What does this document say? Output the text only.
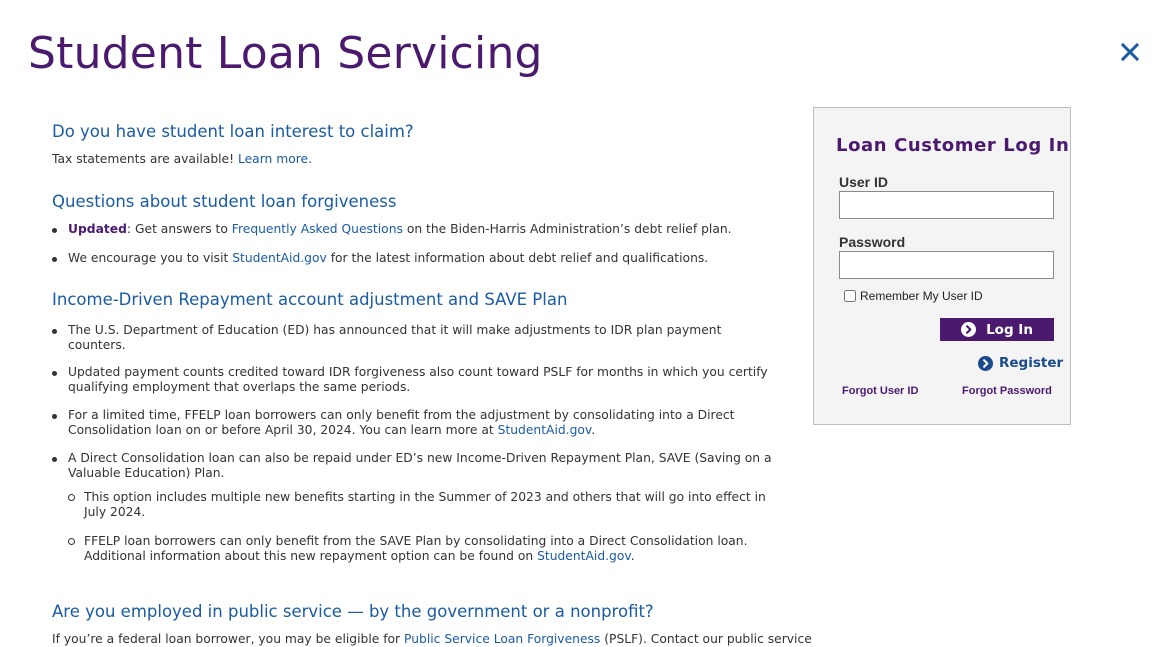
Student Loan Servicing
Do you have student loan interest to claim?

Tax statements are available! Learn more.

Questions about student loan forgiveness
Updated: Get answers to Frequently Asked Questions on the Biden-Harris Administration’s debt relief plan.
We encourage you to visit StudentAid.gov for the latest information about debt relief and qualifications.
Income-Driven Repayment account adjustment and SAVE Plan
The U.S. Department of Education (ED) has announced that it will make adjustments to IDR plan payment counters.
Updated payment counts credited toward IDR forgiveness also count toward PSLF for months in which you certify qualifying employment that overlaps the same periods.
For a limited time, FFELP loan borrowers can only benefit from the adjustment by consolidating into a Direct Consolidation loan on or before April 30, 2024. You can learn more at StudentAid.gov.
A Direct Consolidation loan can also be repaid under ED’s new Income-Driven Repayment Plan, SAVE (Saving on a Valuable Education) Plan.
This option includes multiple new benefits starting in the Summer of 2023 and others that will go into effect in July 2024.
FFELP loan borrowers can only benefit from the SAVE Plan by consolidating into a Direct Consolidation loan. Additional information about this new repayment option can be found on StudentAid.gov.
Are you employed in public service — by the government or a nonprofit?

If you’re a federal loan borrower, you may be eligible for Public Service Loan Forgiveness (PSLF). Contact our public service

Loan Customer Log In
User ID
Password
Remember My User ID
Log In
Register
Forgot User ID	Forgot Password
